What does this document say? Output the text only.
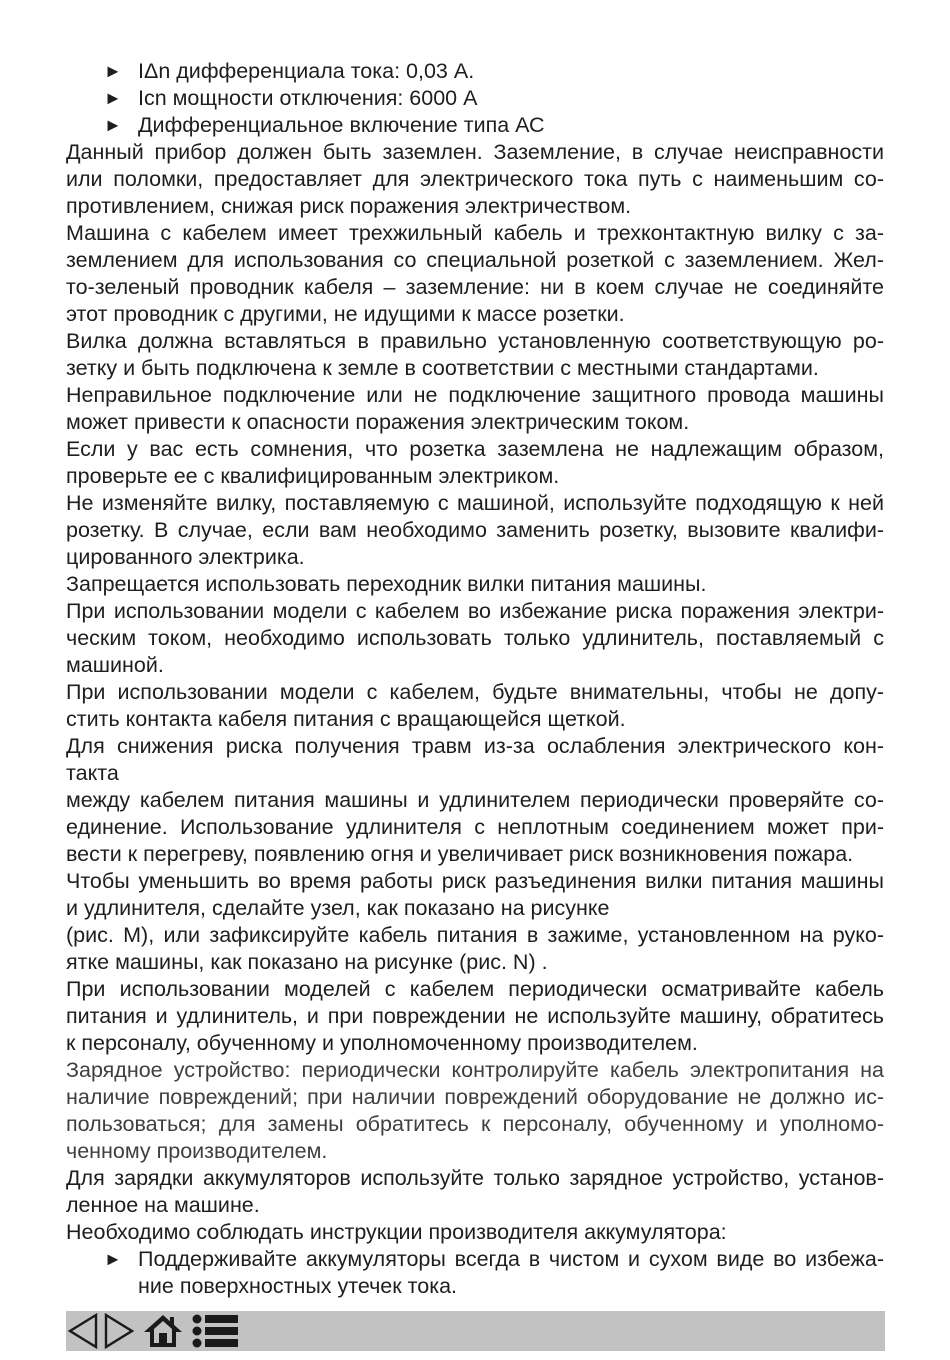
► IΔn дифференциала тока: 0,03 А.
► Icn мощности отключения: 6000 А
► Дифференциальное включение типа АС
Данный прибор должен быть заземлен. Заземление, в случае неисправности
или поломки, предоставляет для электрического тока путь с наименьшим со-
противлением, снижая риск поражения электричеством.
Машина с кабелем имеет трехжильный кабель и трехконтактную вилку с за-
землением для использования со специальной розеткой с заземлением. Жел-
то-зеленый проводник кабеля – заземление: ни в коем случае не соединяйте
этот проводник с другими, не идущими к массе розетки.
Вилка должна вставляться в правильно установленную соответствующую ро-
зетку и быть подключена к земле в соответствии с местными стандартами.
Неправильное подключение или не подключение защитного провода машины
может привести к опасности поражения электрическим током.
Если у вас есть сомнения, что розетка заземлена не надлежащим образом,
проверьте ее с квалифицированным электриком.
Не изменяйте вилку, поставляемую с машиной, используйте подходящую к ней
розетку. В случае, если вам необходимо заменить розетку, вызовите квалифи-
цированного электрика.
Запрещается использовать переходник вилки питания машины.
При использовании модели с кабелем во избежание риска поражения электри-
ческим током, необходимо использовать только удлинитель, поставляемый с
машиной.
При использовании модели с кабелем, будьте внимательны, чтобы не допу-
стить контакта кабеля питания с вращающейся щеткой.
Для снижения риска получения травм из-за ослабления электрического кон-
такта
между кабелем питания машины и удлинителем периодически проверяйте со-
единение. Использование удлинителя с неплотным соединением может при-
вести к перегреву, появлению огня и увеличивает риск возникновения пожара.
Чтобы уменьшить во время работы риск разъединения вилки питания машины
и удлинителя, сделайте узел, как показано на рисунке
(рис. М), или зафиксируйте кабель питания в зажиме, установленном на руко-
ятке машины, как показано на рисунке (рис. N) .
При использовании моделей с кабелем периодически осматривайте кабель
питания и удлинитель, и при повреждении не используйте машину, обратитесь
к персоналу, обученному и уполномоченному производителем.
Зарядное устройство: периодически контролируйте кабель электропитания на
наличие повреждений; при наличии повреждений оборудование не должно ис-
пользоваться; для замены обратитесь к персоналу, обученному и уполномо-
ченному производителем.
Для зарядки аккумуляторов используйте только зарядное устройство, установ-
ленное на машине.
Необходимо соблюдать инструкции производителя аккумулятора:
► Поддерживайте аккумуляторы всегда в чистом и сухом виде во избежа-
ние поверхностных утечек тока.
